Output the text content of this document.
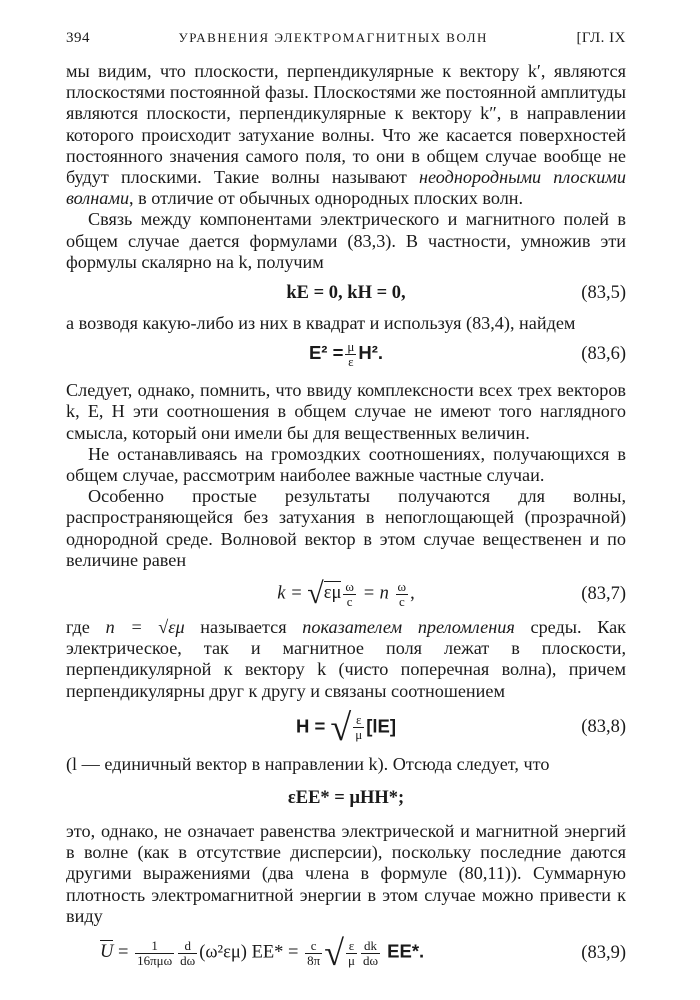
394	УРАВНЕНИЯ ЭЛЕКТРОМАГНИТНЫХ ВОЛН	[ГЛ. IX

мы видим, что плоскости, перпендикулярные к вектору k′, являются плоскостями постоянной фазы. Плоскостями же постоянной амплитуды являются плоскости, перпендикулярные к вектору k″, в направлении которого происходит затухание волны. Что же касается поверхностей постоянного значения самого поля, то они в общем случае вообще не будут плоскими. Такие волны называют неоднородными плоскими волнами, в отличие от обычных однородных плоских волн.

Связь между компонентами электрического и магнитного полей в общем случае дается формулами (83,3). В частности, умножив эти формулы скалярно на k, получим

kE = 0, kH = 0,	(83,5)

а возводя какую-либо из них в квадрат и используя (83,4), найдем

$E^2 = \frac{\mu}{\varepsilon} H^2$.	(83,6)

Следует, однако, помнить, что ввиду комплексности всех трех векторов k, E, H эти соотношения в общем случае не имеют того наглядного смысла, который они имели бы для вещественных величин.

Не останавливаясь на громоздких соотношениях, получающихся в общем случае, рассмотрим наиболее важные частные случаи.

Особенно простые результаты получаются для волны, распространяющейся без затухания в непоглощающей (прозрачной) однородной среде. Волновой вектор в этом случае вещественен и по величине равен

$k = √\varepsilon\mu \frac{\omega}{c} = n \frac{\omega}{c}$ ,	(83,7)

где n = √εμ называется показателем преломления среды. Как электрическое, так и магнитное поля лежат в плоскости, перпендикулярной к вектору k (чисто поперечная волна), причем перпендикулярны друг к другу и связаны соотношением

H = √ $\frac{\varepsilon}{\mu} [lE]$	(83,8)

(l — единичный вектор в направлении k). Отсюда следует, что

εEE* = μHH*;

это, однако, не означает равенства электрической и магнитной энергий в волне (как в отсутствие дисперсии), поскольку последние даются другими выражениями (два члена в формуле (80,11)). Суммарную плотность электромагнитной энергии в этом случае можно привести к виду

$U = \frac{1}{\text{16πμω}} \frac{d}{d\omega} (\omega^2\varepsilon\mu) EE* = \frac{c}{8\pi}$ √ $\frac{\varepsilon}{\mu} \frac{dk}{d\omega} EE*$.	(83,9)
